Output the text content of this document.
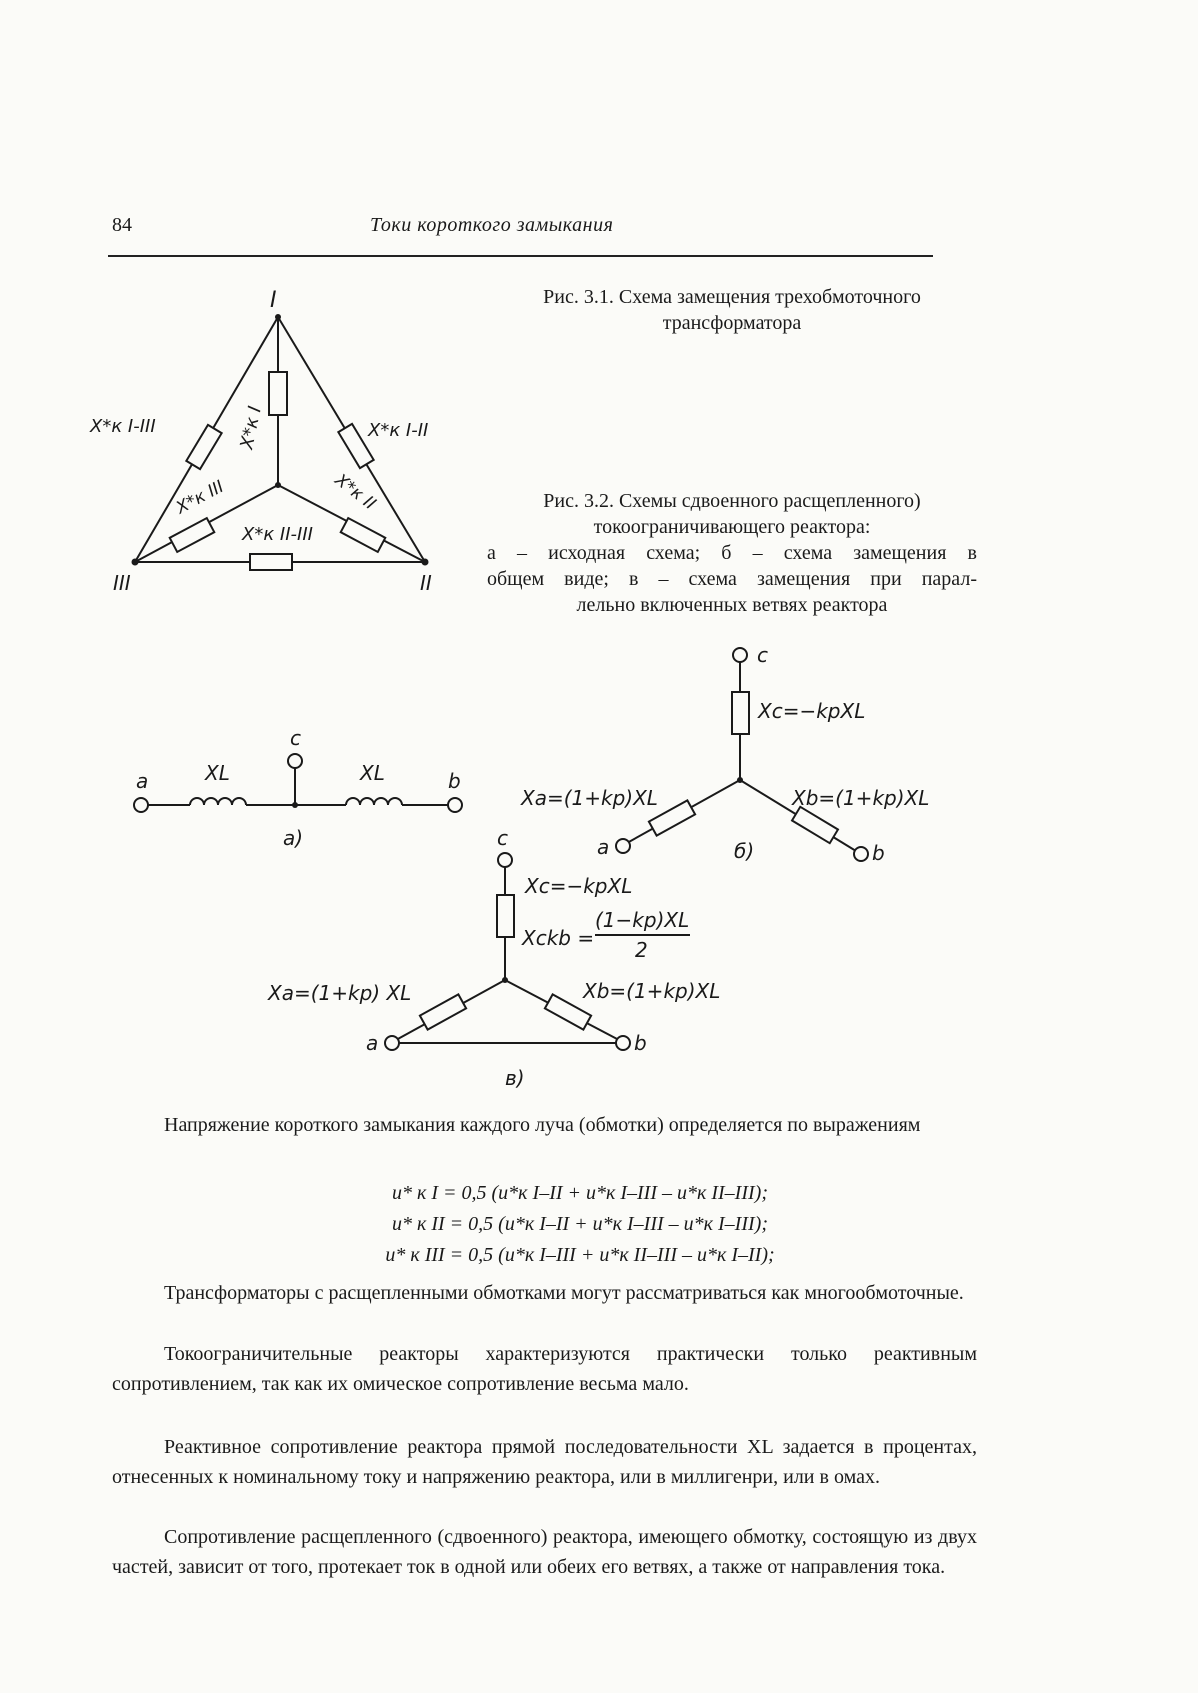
84	Токи короткого замыкания
Рис. 3.1. Схема замещения трехобмоточного
трансформатора
Рис. 3.2. Схемы сдвоенного расщепленного)
токоограничивающего реактора:
а – исходная схема; б – схема замещения в
общем виде; в – схема замещения при парал-
лельно включенных ветвях реактора
I
III	II
X*к I-III	X*к I-II
X*к I
X*к III	X*к II
X*к II-III
a	b
c
XL	XL
a)
c
Xc=−kpXL
Xa=(1+kp)XL	Xb=(1+kp)XL
a	b
б)
c
Xc=−kpXL
Xckb =
(1−kp)XL
2
Xa=(1+kp) XL	Xb=(1+kp)XL
a	b
в)
Напряжение короткого замыкания каждого луча (обмотки) определяется по выражениям
u* к I = 0,5 (u*к I–II + u*к I–III – u*к II–III);
u* к II = 0,5 (u*к I–II + u*к I–III – u*к I–III);
u* к III = 0,5 (u*к I–III + u*к II–III – u*к I–II);
Трансформаторы с расщепленными обмотками могут рассматриваться как многообмоточные.
Токоограничительные реакторы характеризуются практически только реактивным сопротивлением, так как их омическое сопротивление весьма мало.
Реактивное сопротивление реактора прямой последовательности XL задается в процентах, отнесенных к номинальному току и напряжению реактора, или в миллигенри, или в омах.
Сопротивление расщепленного (сдвоенного) реактора, имеющего обмотку, состоящую из двух частей, зависит от того, протекает ток в одной или обеих его ветвях, а также от направления тока.
